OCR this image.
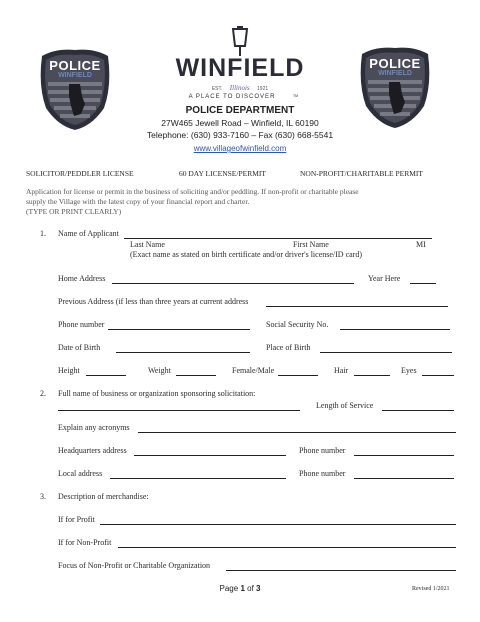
POLICE
WINFIELD
POLICE
WINFIELD
WINFIELD
EST. Illinois 1921
A PLACE TO DISCOVER	TM
POLICE DEPARTMENT
27W465 Jewell Road – Winfield, IL 60190
Telephone: (630) 933-7160 – Fax (630) 668-5541
www.villageofwinfield.com
SOLICITOR/PEDDLER LICENSE	60 DAY LICENSE/PERMIT	NON-PROFIT/CHARITABLE PERMIT
Application for license or permit in the business of soliciting and/or peddling. If non-profit or charitable please
supply the Village with the latest copy of your financial report and charter.
(TYPE OR PRINT CLEARLY)
1. Name of Applicant
Last Name	First Name	MI
(Exact name as stated on birth certificate and/or driver's license/ID card)
Home Address	Year Here
Previous Address (if less than three years at current address
Phone number	Social Security No.
Date of Birth	Place of Birth
Height	Weight	Female/Male	Hair	Eyes
2. Full name of business or organization sponsoring solicitation:
Length of Service
Explain any acronyms
Headquarters address	Phone number
Local address	Phone number
3. Description of merchandise:
If for Profit
If for Non-Profit
Focus of Non-Profit or Charitable Organization
Page 1 of 3	Revised 1/2021
